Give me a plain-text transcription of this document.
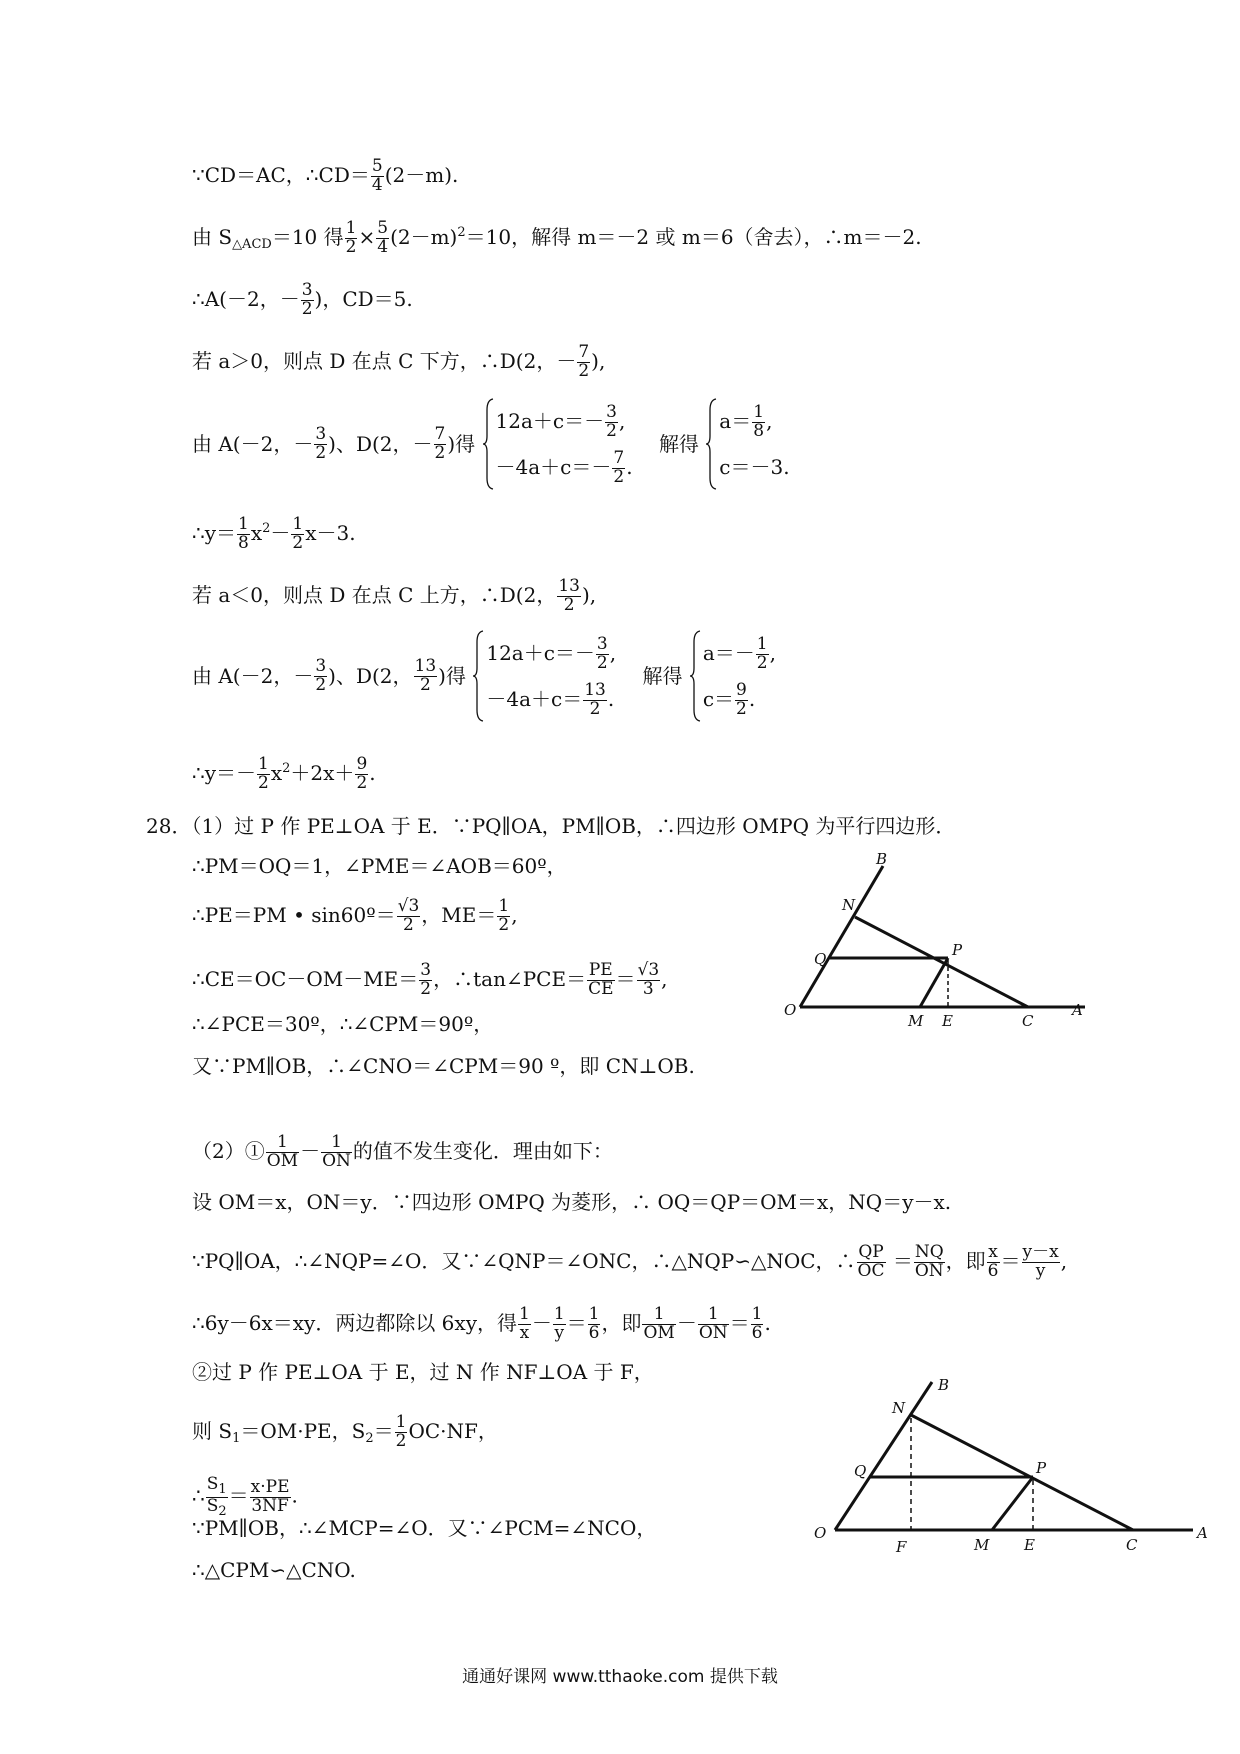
∵CD＝AC，∴CD＝ $\frac{5}{4} (2-m)$.
由 $S_{\triangle ACD}=10$ 得 $\frac{1}{2} \times \frac{5}{4} (2-m)^2=10$，解得 m＝－2 或 m＝6（舍去），∴m＝－2.
∴A(－2，－ $\frac{3}{2}$ )，CD＝5.
若 a＞0，则点 D 在点 C 下方，∴D(2，－ $\frac{7}{2}$ ),
由 A(－2，－ $\frac{3}{2}$ )、D(2，－ $\frac{7}{2}$ )得
$12a+c=- \frac{3}{2}$ ,
$-4a+c=- \frac{7}{2}$ .
解得
$a= \frac{1}{8}$ ,
c＝－3.
∴y＝ $\frac{1}{8} x^2- \frac{1}{2} x-3$.
若 a＜0，则点 D 在点 C 上方，∴D(2， $\frac{13}{2}$ ),
由 A(－2，－ $\frac{3}{2}$ )、D(2， $\frac{13}{2}$ )得
$12a+c=- \frac{3}{2}$ ,
$-4a+c= \frac{13}{2}$ .
解得
$a=- \frac{1}{2}$ ,
$c= \frac{9}{2}$ .
∴y＝－ $\frac{1}{2} x^2+2x+ \frac{9}{2}$ .
28．（1）过 P 作 PE⊥OA 于 E．∵PQ∥OA，PM∥OB，∴四边形 OMPQ 为平行四边形．
∴PM＝OQ＝1，∠PME＝∠AOB＝60º，
∴PE＝PM • sin60º＝ $\frac{√3}{2}$ ，$ME= \frac{1}{2}$ ,
∴CE＝OC－OM－ME＝ $\frac{3}{2}$ ，∴tan∠PCE＝ $\frac{PE}{CE} = \frac{√3}{3}$ ,
∴∠PCE＝30º，∴∠CPM＝90º，
又∵PM∥OB，∴∠CNO＝∠CPM＝90 º，即 CN⊥OB.
B
N
Q	P
O
M E	C
A
（2）① $\frac{1}{OM} - \frac{1}{ON}$ 的值不发生变化．理由如下：
设 OM＝x，ON＝y．∵四边形 OMPQ 为菱形，∴ OQ＝QP＝OM＝x，NQ＝y－x.
∵PQ∥OA，∴∠NQP=∠O．又∵∠QNP＝∠ONC，∴△NQP∽△NOC，∴ $\frac{QP}{OC} = \frac{NQ}{ON}$ ，即 $\frac{x}{6} = \frac{y-x}{y}$ ,
∴6y－6x＝xy．两边都除以 6xy，得 $\frac{1}{x} - \frac{1}{y} = \frac{1}{6}$ ，即 $\frac{1}{OM} - \frac{1}{ON} = \frac{1}{6}$ .
②过 P 作 PE⊥OA 于 E，过 N 作 NF⊥OA 于 F，
则 $S_1=OM\cdot PE$，$S_2= \frac{1}{2} OC\cdot NF$，
∴ $\frac{S_1}{S_2} = \frac{x\cdot PE}{3NF}$ .
∵PM∥OB，∴∠MCP=∠O．又∵∠PCM=∠NCO，
∴△CPM∽△CNO.
B
N
Q	P
O
F	M E	C
A
通通好课网 www.tthaoke.com 提供下载
